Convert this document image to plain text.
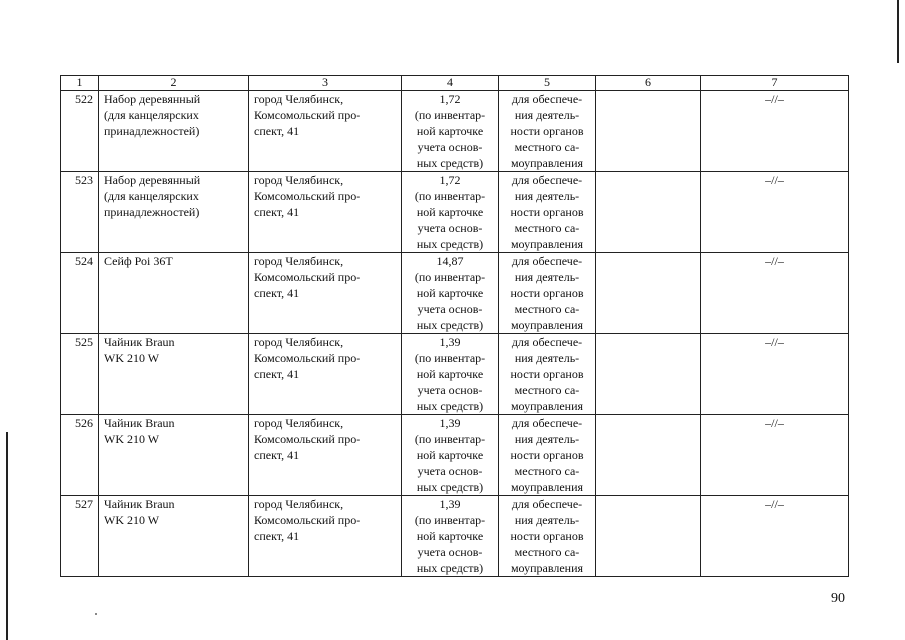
1	2	3	4	5	6	7
522	Набор деревянный
(для канцелярских
принадлежностей)	город Челябинск,
Комсомольский про-
спект, 41	1,72
(по инвентар-
ной карточке
учета основ-
ных средств)	для обеспече-
ния деятель-
ности органов
местного са-
моуправления		–//–
523	Набор деревянный
(для канцелярских
принадлежностей)	город Челябинск,
Комсомольский про-
спект, 41	1,72
(по инвентар-
ной карточке
учета основ-
ных средств)	для обеспече-
ния деятель-
ности органов
местного са-
моуправления		–//–
524	Сейф Роі 36Т	город Челябинск,
Комсомольский про-
спект, 41	14,87
(по инвентар-
ной карточке
учета основ-
ных средств)	для обеспече-
ния деятель-
ности органов
местного са-
моуправления		–//–
525	Чайник Braun
WK 210 W	город Челябинск,
Комсомольский про-
спект, 41	1,39
(по инвентар-
ной карточке
учета основ-
ных средств)	для обеспече-
ния деятель-
ности органов
местного са-
моуправления		–//–
526	Чайник Braun
WK 210 W	город Челябинск,
Комсомольский про-
спект, 41	1,39
(по инвентар-
ной карточке
учета основ-
ных средств)	для обеспече-
ния деятель-
ности органов
местного са-
моуправления		–//–
527	Чайник Braun
WK 210 W	город Челябинск,
Комсомольский про-
спект, 41	1,39
(по инвентар-
ной карточке
учета основ-
ных средств)	для обеспече-
ния деятель-
ности органов
местного са-
моуправления		–//–
90
